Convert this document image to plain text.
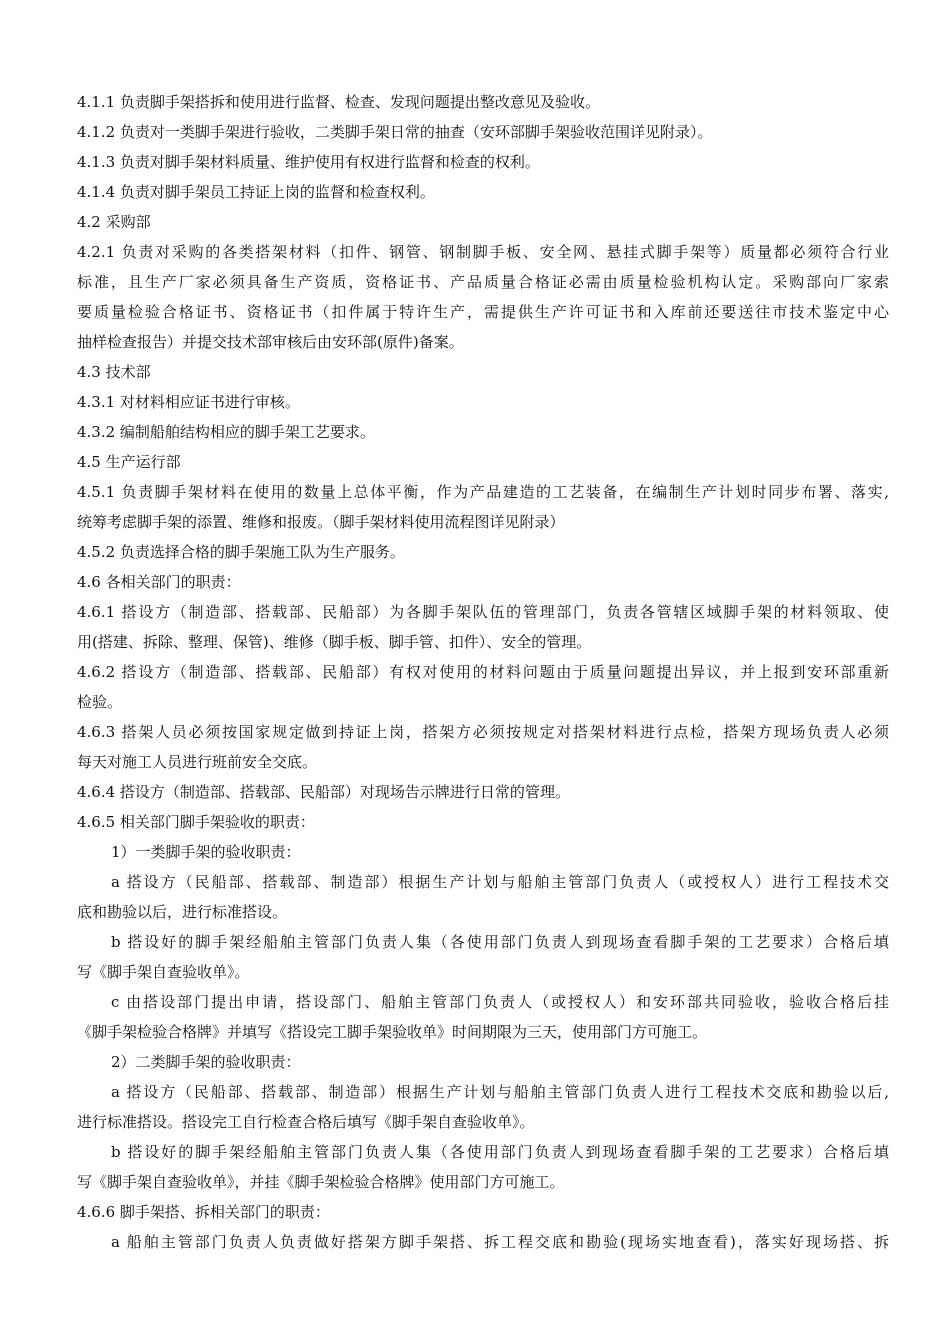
4.1.1 负责脚手架搭拆和使用进行监督、检查、发现问题提出整改意见及验收。
4.1.2 负责对一类脚手架进行验收，二类脚手架日常的抽查（安环部脚手架验收范围详见附录）。
4.1.3 负责对脚手架材料质量、维护使用有权进行监督和检查的权利。
4.1.4 负责对脚手架员工持证上岗的监督和检查权利。
4.2 采购部
4.2.1 负责对采购的各类搭架材料（扣件、钢管、钢制脚手板、安全网、悬挂式脚手架等）质量都必须符合行业
标准，且生产厂家必须具备生产资质，资格证书、产品质量合格证必需由质量检验机构认定。采购部向厂家索
要质量检验合格证书、资格证书（扣件属于特许生产，需提供生产许可证书和入库前还要送往市技术鉴定中心
抽样检查报告）并提交技术部审核后由安环部(原件)备案。
4.3 技术部
4.3.1 对材料相应证书进行审核。
4.3.2 编制船舶结构相应的脚手架工艺要求。
4.5 生产运行部
4.5.1 负责脚手架材料在使用的数量上总体平衡，作为产品建造的工艺装备，在编制生产计划时同步布署、落实,
统筹考虑脚手架的添置、维修和报废。（脚手架材料使用流程图详见附录）
4.5.2 负责选择合格的脚手架施工队为生产服务。
4.6 各相关部门的职责：
4.6.1 搭设方（制造部、搭载部、民船部）为各脚手架队伍的管理部门，负责各管辖区域脚手架的材料领取、使
用(搭建、拆除、整理、保管)、维修（脚手板、脚手管、扣件）、安全的管理。
4.6.2 搭设方（制造部、搭载部、民船部）有权对使用的材料问题由于质量问题提出异议，并上报到安环部重新
检验。
4.6.3 搭架人员必须按国家规定做到持证上岗，搭架方必须按规定对搭架材料进行点检，搭架方现场负责人必须
每天对施工人员进行班前安全交底。
4.6.4 搭设方（制造部、搭载部、民船部）对现场告示牌进行日常的管理。
4.6.5 相关部门脚手架验收的职责：
1）一类脚手架的验收职责：
a 搭设方（民船部、搭载部、制造部）根据生产计划与船舶主管部门负责人（或授权人）进行工程技术交
底和勘验以后，进行标准搭设。
b 搭设好的脚手架经船舶主管部门负责人集（各使用部门负责人到现场查看脚手架的工艺要求）合格后填
写《脚手架自查验收单》。
c 由搭设部门提出申请，搭设部门、船舶主管部门负责人（或授权人）和安环部共同验收，验收合格后挂
《脚手架检验合格牌》并填写《搭设完工脚手架验收单》时间期限为三天，使用部门方可施工。
2）二类脚手架的验收职责：
a 搭设方（民船部、搭载部、制造部）根据生产计划与船舶主管部门负责人进行工程技术交底和勘验以后,
进行标准搭设。搭设完工自行检查合格后填写《脚手架自查验收单》。
b 搭设好的脚手架经船舶主管部门负责人集（各使用部门负责人到现场查看脚手架的工艺要求）合格后填
写《脚手架自查验收单》，并挂《脚手架检验合格牌》使用部门方可施工。
4.6.6 脚手架搭、拆相关部门的职责：
a 船舶主管部门负责人负责做好搭架方脚手架搭、拆工程交底和勘验(现场实地查看)，落实好现场搭、拆
